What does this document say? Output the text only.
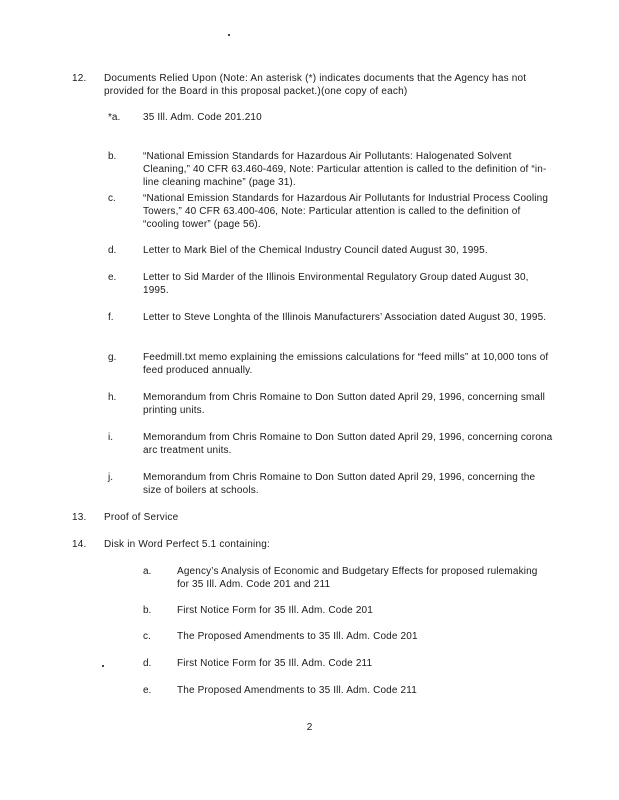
12. Documents Relied Upon (Note: An asterisk (*) indicates documents that the Agency has not provided for the Board in this proposal packet.)(one copy of each)
*a. 35 Ill. Adm. Code 201.210
b.	“National Emission Standards for Hazardous Air Pollutants: Halogenated Solvent Cleaning,” 40 CFR 63.460-469, Note: Particular attention is called to the definition of “in-line cleaning machine” (page 31).
c.	“National Emission Standards for Hazardous Air Pollutants for Industrial Process Cooling Towers,” 40 CFR 63.400-406, Note: Particular attention is called to the definition of “cooling tower” (page 56).
d.	Letter to Mark Biel of the Chemical Industry Council dated August 30, 1995.
e.	Letter to Sid Marder of the Illinois Environmental Regulatory Group dated August 30, 1995.
f.	Letter to Steve Longhta of the Illinois Manufacturers’ Association dated August 30, 1995.
g.	Feedmill.txt memo explaining the emissions calculations for “feed mills” at 10,000 tons of feed produced annually.
h.	Memorandum from Chris Romaine to Don Sutton dated April 29, 1996, concerning small printing units.
i.	Memorandum from Chris Romaine to Don Sutton dated April 29, 1996, concerning corona arc treatment units.
j.	Memorandum from Chris Romaine to Don Sutton dated April 29, 1996, concerning the size of boilers at schools.
13. Proof of Service
14. Disk in Word Perfect 5.1 containing:
a.	Agency’s Analysis of Economic and Budgetary Effects for proposed rulemaking for 35 Ill. Adm. Code 201 and 211
b.	First Notice Form for 35 Ill. Adm. Code 201
c.	The Proposed Amendments to 35 Ill. Adm. Code 201
d.	First Notice Form for 35 Ill. Adm. Code 211
e.	The Proposed Amendments to 35 Ill. Adm. Code 211
2
